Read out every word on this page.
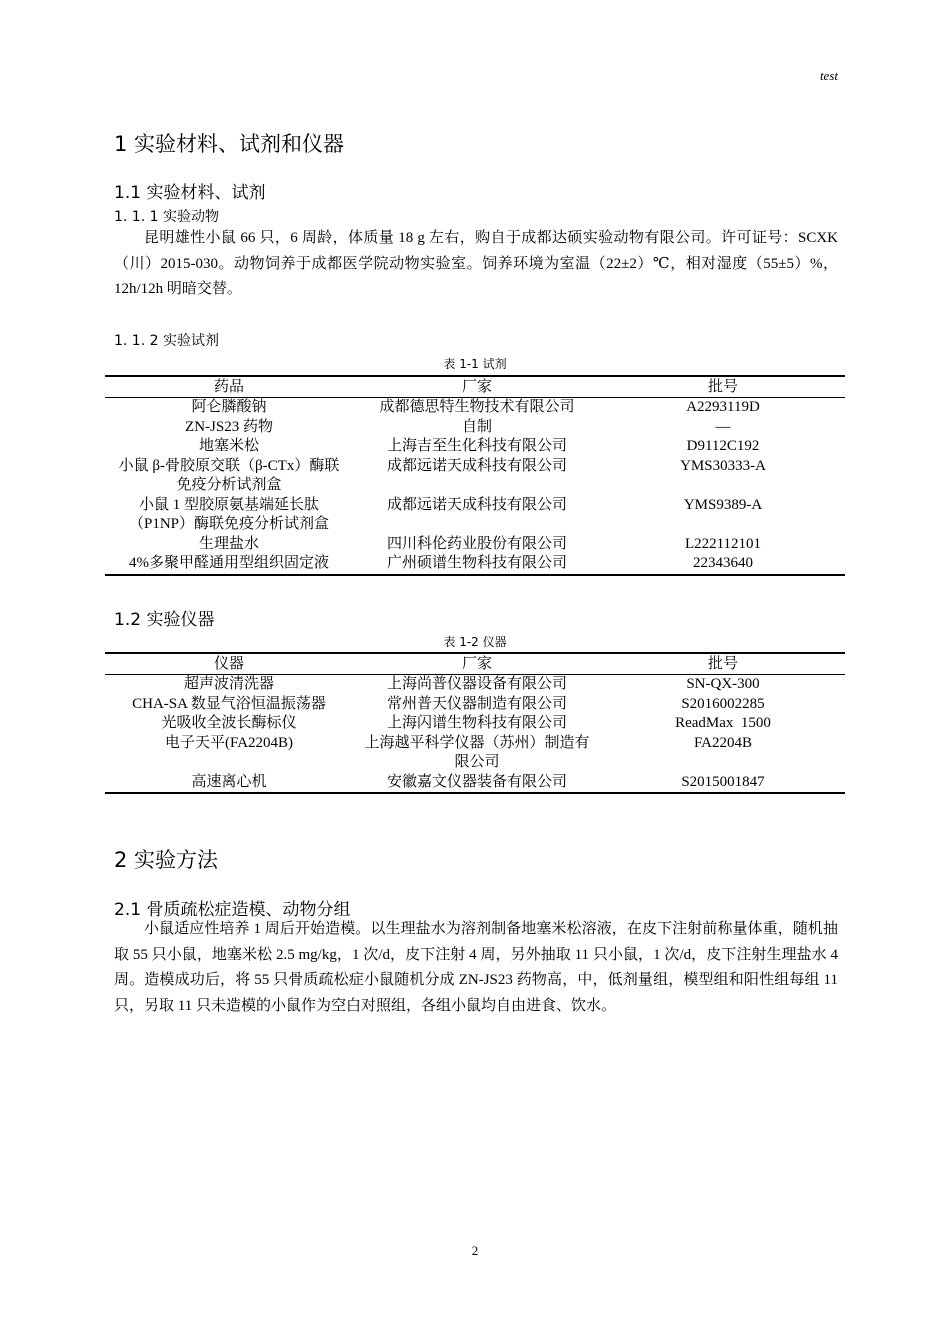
test
1 实验材料、试剂和仪器
1.1 实验材料、试剂
1. 1. 1 实验动物
昆明雄性小鼠 66 只，6 周龄，体质量 18 g 左右，购自于成都达硕实验动物有限公司。许可证号：SCXK（川）2015-030。动物饲养于成都医学院动物实验室。饲养环境为室温（22±2）℃，相对湿度（55±5）%，12h/12h 明暗交替。
1. 1. 2 实验试剂
表 1-1 试剂
药品	厂家	批号
阿仑膦酸钠	成都德思特生物技术有限公司	A2293119D
ZN-JS23 药物	自制	—
地塞米松	上海吉至生化科技有限公司	D9112C192
小鼠 β-骨胶原交联（β-CTx）酶联免疫分析试剂盒	成都远诺天成科技有限公司	YMS30333-A
小鼠 1 型胶原氨基端延长肽（P1NP）酶联免疫分析试剂盒	成都远诺天成科技有限公司	YMS9389-A
生理盐水	四川科伦药业股份有限公司	L222112101
4%多聚甲醛通用型组织固定液	广州硕谱生物科技有限公司	22343640
1.2 实验仪器
表 1-2 仪器
仪器	厂家	批号
超声波清洗器	上海尚普仪器设备有限公司	SN-QX-300
CHA-SA 数显气浴恒温振荡器	常州普天仪器制造有限公司	S2016002285
光吸收全波长酶标仪	上海闪谱生物科技有限公司	ReadMax  1500
电子天平(FA2204B)	上海越平科学仪器（苏州）制造有限公司	FA2204B
高速离心机	安徽嘉文仪器装备有限公司	S2015001847
2 实验方法
2.1 骨质疏松症造模、动物分组
小鼠适应性培养 1 周后开始造模。以生理盐水为溶剂制备地塞米松溶液，在皮下注射前称量体重，随机抽取 55 只小鼠，地塞米松 2.5 mg/kg，1 次/d，皮下注射 4 周，另外抽取 11 只小鼠，1 次/d，皮下注射生理盐水 4 周。造模成功后，将 55 只骨质疏松症小鼠随机分成 ZN-JS23 药物高，中，低剂量组，模型组和阳性组每组 11 只，另取 11 只未造模的小鼠作为空白对照组，各组小鼠均自由进食、饮水。
2
